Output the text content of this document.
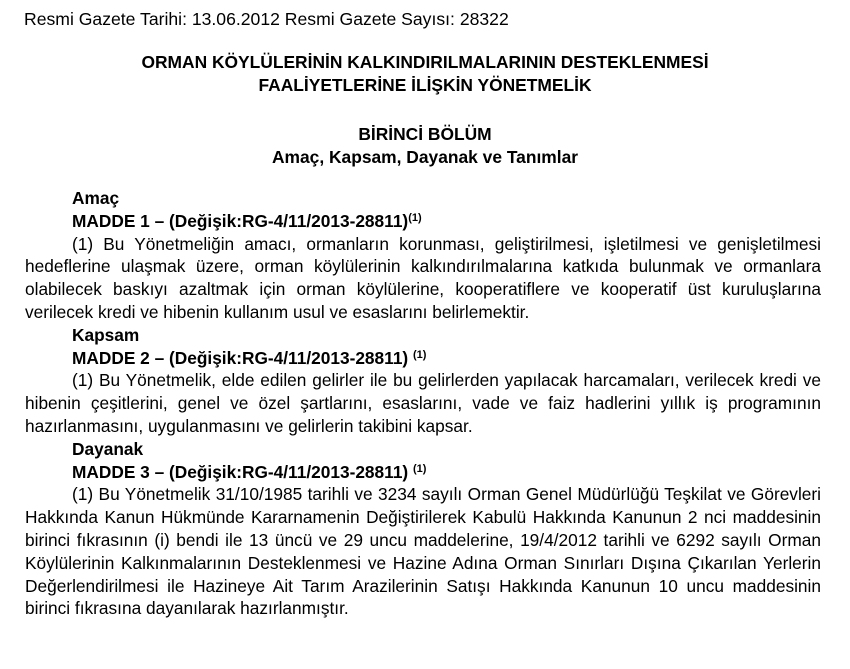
Resmi Gazete Tarihi: 13.06.2012 Resmi Gazete Sayısı: 28322
ORMAN KÖYLÜLERİNİN KALKINDIRILMALARININ DESTEKLENMESİ
FAALİYETLERİNE İLİŞKİN YÖNETMELİK
BİRİNCİ BÖLÜM
Amaç, Kapsam, Dayanak ve Tanımlar
Amaç
MADDE 1 – (Değişik:RG-4/11/2013-28811)$^{(1)}$

(1) Bu Yönetmeliğin amacı, ormanların korunması, geliştirilmesi, işletilmesi ve genişletilmesi hedeflerine ulaşmak üzere, orman köylülerinin kalkındırılmalarına katkıda bulunmak ve ormanlara olabilecek baskıyı azaltmak için orman köylülerine, kooperatiflere ve kooperatif üst kuruluşlarına verilecek kredi ve hibenin kullanım usul ve esaslarını belirlemektir.

Kapsam
MADDE 2 – (Değişik:RG-4/11/2013-28811) $^{(1)}$

(1) Bu Yönetmelik, elde edilen gelirler ile bu gelirlerden yapılacak harcamaları, verilecek kredi ve hibenin çeşitlerini, genel ve özel şartlarını, esaslarını, vade ve faiz hadlerini yıllık iş programının hazırlanmasını, uygulanmasını ve gelirlerin takibini kapsar.

Dayanak
MADDE 3 – (Değişik:RG-4/11/2013-28811) $^{(1)}$

(1) Bu Yönetmelik 31/10/1985 tarihli ve 3234 sayılı Orman Genel Müdürlüğü Teşkilat ve Görevleri Hakkında Kanun Hükmünde Kararnamenin Değiştirilerek Kabulü Hakkında Kanunun 2 nci maddesinin birinci fıkrasının (i) bendi ile 13 üncü ve 29 uncu maddelerine, 19/4/2012 tarihli ve 6292 sayılı Orman Köylülerinin Kalkınmalarının Desteklenmesi ve Hazine Adına Orman Sınırları Dışına Çıkarılan Yerlerin Değerlendirilmesi ile Hazineye Ait Tarım Arazilerinin Satışı Hakkında Kanunun 10 uncu maddesinin birinci fıkrasına dayanılarak hazırlanmıştır.
